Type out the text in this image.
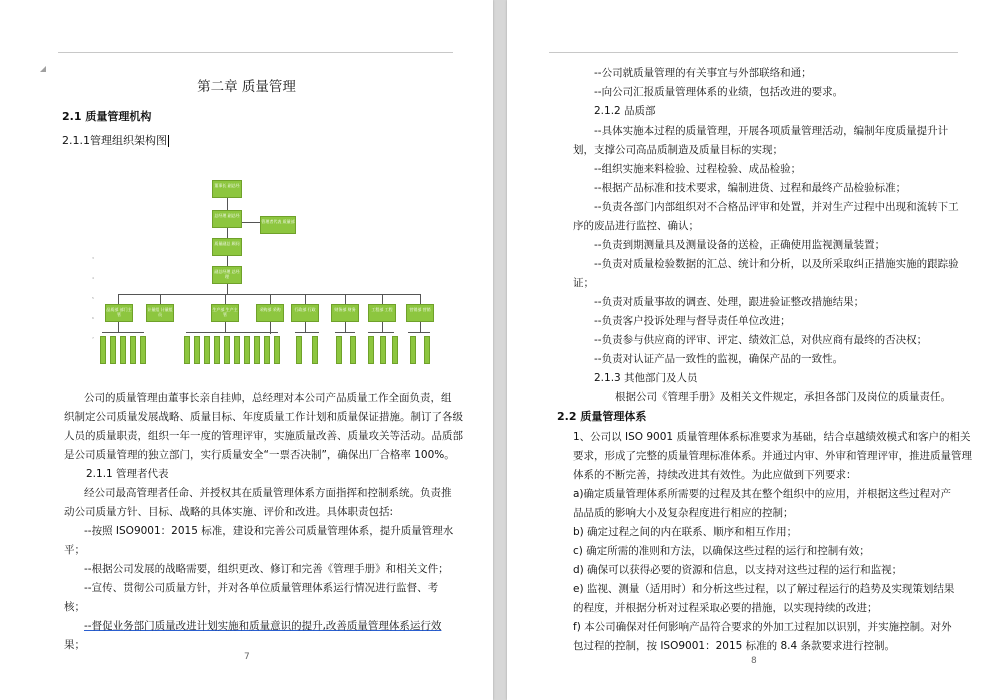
第二章 质量管理
2.1 质量管理机构
2.1.1管理组织架构图
3
4
5
6
7
董事长 副总经
总经理 副总经
管理者代表 质量部
质量副总 顾问
副总经理 总经理
品质部 部门主管
计量组 计量组员
生产部 生产主管
采购部 采购	行政部 行政	财务部 财务	工程部 工程	营销部 营销
公司的质量管理由董事长亲自挂帅，总经理对本公司产品质量工作全面负责，组
织制定公司质量发展战略、质量目标、年度质量工作计划和质量保证措施。制订了各级
人员的质量职责，组织一年一度的管理评审，实施质量改善、质量攻关等活动。品质部
是公司质量管理的独立部门，实行质量安全“一票否决制”，确保出厂合格率 100%。
2.1.1 管理者代表
经公司最高管理者任命、并授权其在质量管理体系方面指挥和控制系统。负责推
动公司质量方针、目标、战略的具体实施、评价和改进。具体职责包括:
--按照 ISO9001：2015 标准，建设和完善公司质量管理体系，提升质量管理水
平；
--根据公司发展的战略需要，组织更改、修订和完善《管理手册》和相关文件；
--宣传、贯彻公司质量方针，并对各单位质量管理体系运行情况进行监督、考
核；
--督促业务部门质量改进计划实施和质量意识的提升,改善质量管理体系运行效
果；
7
--公司就质量管理的有关事宜与外部联络和通；
--向公司汇报质量管理体系的业绩，包括改进的要求。
2.1.2 品质部
--具体实施本过程的质量管理，开展各项质量管理活动，编制年度质量提升计
划，支撑公司高品质制造及质量目标的实现；
--组织实施来料检验、过程检验、成品检验；
--根据产品标准和技术要求，编制进货、过程和最终产品检验标准；
--负责各部门内部组织对不合格品评审和处置，并对生产过程中出现和流转下工
序的废品进行监控、确认；
--负责到期测量具及测量设备的送检，正确使用监视测量装置；
--负责对质量检验数据的汇总、统计和分析，以及所采取纠正措施实施的跟踪验
证；
--负责对质量事故的调查、处理，跟进验证整改措施结果；
--负责客户投诉处理与督导责任单位改进；
--负责参与供应商的评审、评定、绩效汇总，对供应商有最终的否决权；
--负责对认证产品一致性的监视，确保产品的一致性。
2.1.3 其他部门及人员
根据公司《管理手册》及相关文件规定，承担各部门及岗位的质量责任。
2.2 质量管理体系
1、公司以 ISO 9001 质量管理体系标准要求为基础，结合卓越绩效模式和客户的相关
要求，形成了完整的质量管理标准体系。并通过内审、外审和管理评审，推进质量管理
体系的不断完善，持续改进其有效性。为此应做到下列要求：
a)确定质量管理体系所需要的过程及其在整个组织中的应用，并根据这些过程对产
品品质的影响大小及复杂程度进行相应的控制；
b) 确定过程之间的内在联系、顺序和相互作用；
c) 确定所需的准则和方法，以确保这些过程的运行和控制有效；
d) 确保可以获得必要的资源和信息，以支持对这些过程的运行和监视；
e) 监视、测量（适用时）和分析这些过程，以了解过程运行的趋势及实现策划结果
的程度，并根据分析对过程采取必要的措施，以实现持续的改进；
f) 本公司确保对任何影响产品符合要求的外加工过程加以识别，并实施控制。对外
包过程的控制，按 ISO9001：2015 标准的 8.4 条款要求进行控制。
8
